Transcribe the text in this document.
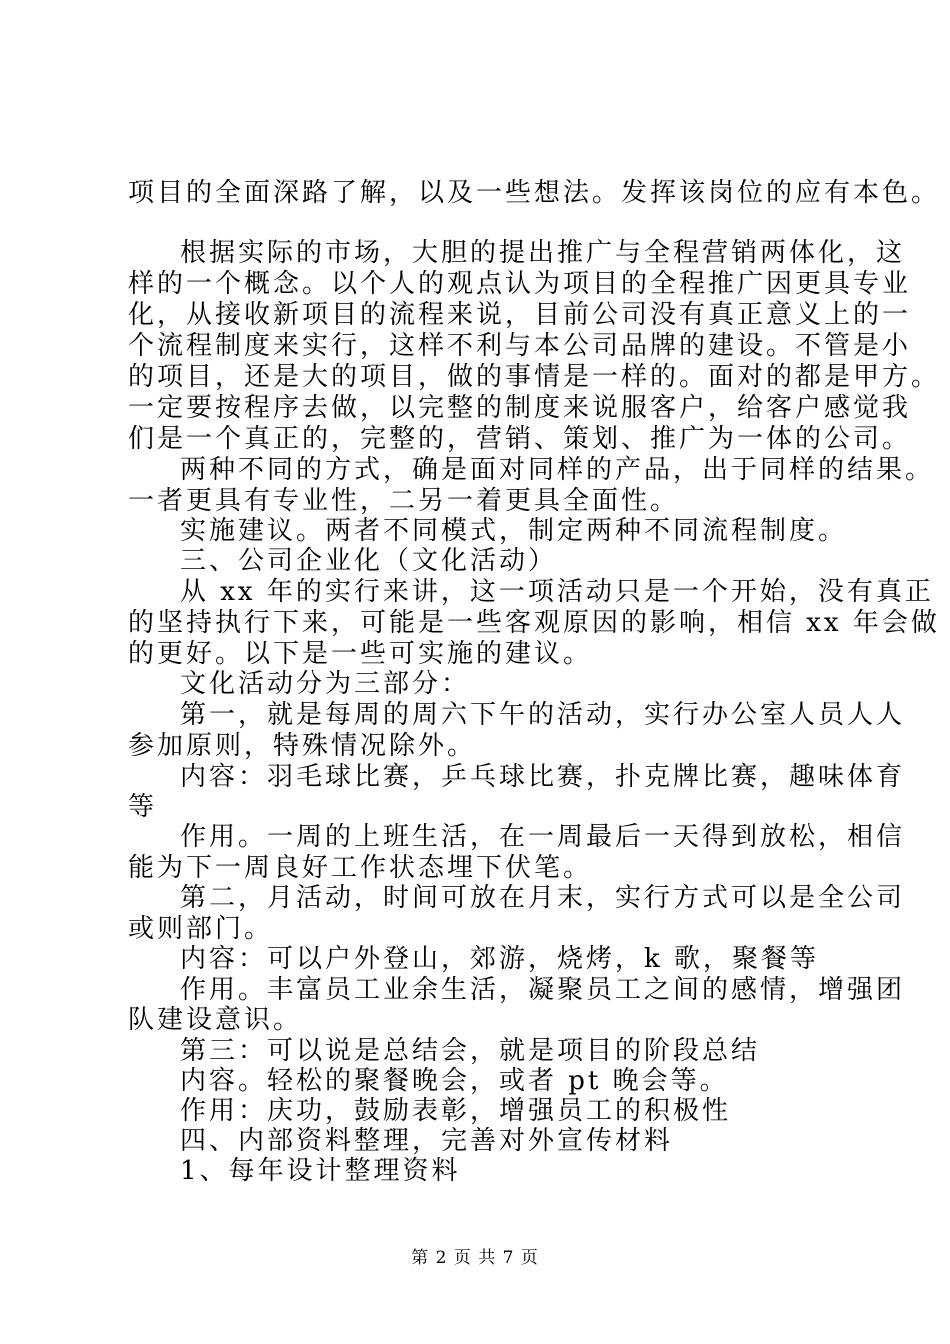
项目的全面深路了解，以及一些想法。发挥该岗位的应有本色。
根据实际的市场，大胆的提出推广与全程营销两体化，这
样的一个概念。以个人的观点认为项目的全程推广因更具专业
化，从接收新项目的流程来说，目前公司没有真正意义上的一
个流程制度来实行，这样不利与本公司品牌的建设。不管是小
的项目，还是大的项目，做的事情是一样的。面对的都是甲方。
一定要按程序去做，以完整的制度来说服客户，给客户感觉我
们是一个真正的，完整的，营销、策划、推广为一体的公司。
两种不同的方式，确是面对同样的产品，出于同样的结果。
一者更具有专业性，二另一着更具全面性。
实施建议。两者不同模式，制定两种不同流程制度。
三、公司企业化（文化活动）
从 xx 年的实行来讲，这一项活动只是一个开始，没有真正
的坚持执行下来，可能是一些客观原因的影响，相信 xx 年会做
的更好。以下是一些可实施的建议。
文化活动分为三部分：
第一，就是每周的周六下午的活动，实行办公室人员人人
参加原则，特殊情况除外。
内容：羽毛球比赛，乒乓球比赛，扑克牌比赛，趣味体育
等
作用。一周的上班生活，在一周最后一天得到放松，相信
能为下一周良好工作状态埋下伏笔。
第二，月活动，时间可放在月末，实行方式可以是全公司
或则部门。
内容：可以户外登山，郊游，烧烤，k 歌，聚餐等
作用。丰富员工业余生活，凝聚员工之间的感情，增强团
队建设意识。
第三：可以说是总结会，就是项目的阶段总结
内容。轻松的聚餐晚会，或者 pt 晚会等。
作用：庆功，鼓励表彰，增强员工的积极性
四、内部资料整理，完善对外宣传材料
1、每年设计整理资料
第 2 页 共 7 页
